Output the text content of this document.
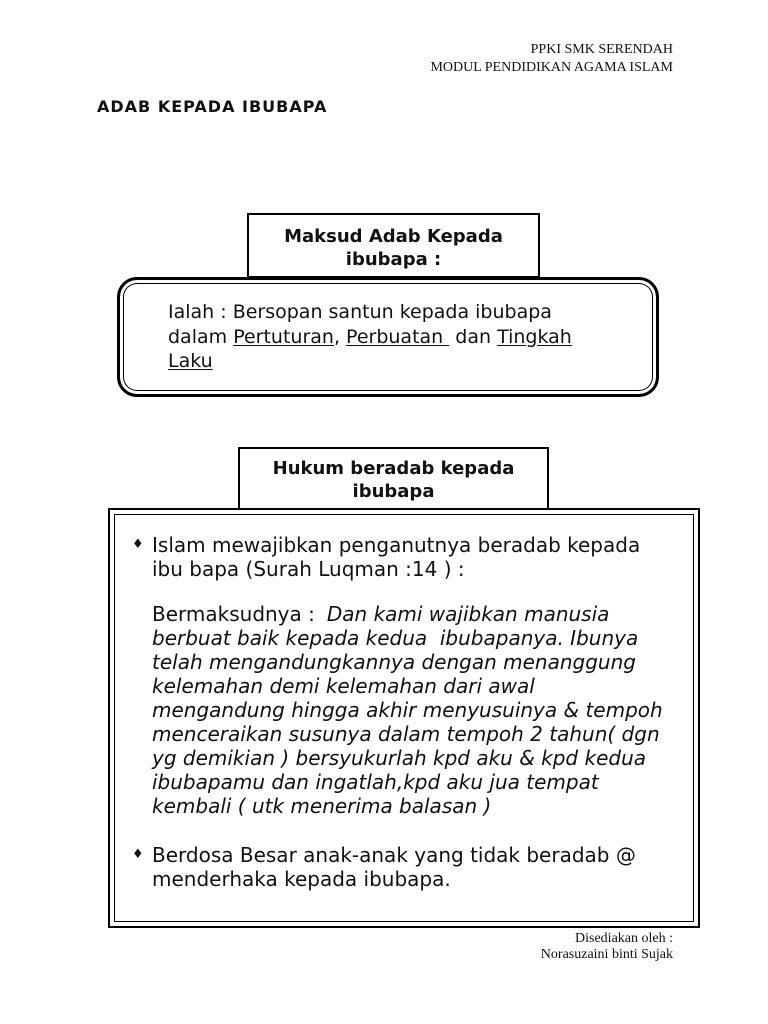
PPKI SMK SERENDAH
MODUL PENDIDIKAN AGAMA ISLAM
ADAB KEPADA IBUBAPA
Maksud Adab Kepada
ibubapa :
Ialah : Bersopan santun kepada ibubapa
dalam Pertuturan, Perbuatan  dan Tingkah
Laku
Hukum beradab kepada
ibubapa
♦ Islam mewajibkan penganutnya beradab kepada
ibu bapa (Surah Luqman :14 ) :
Bermaksudnya : Dan kami wajibkan manusia
berbuat baik kepada kedua  ibubapanya. Ibunya
telah mengandungkannya dengan menanggung
kelemahan demi kelemahan dari awal
mengandung hingga akhir menyusuinya & tempoh
menceraikan susunya dalam tempoh 2 tahun( dgn
yg demikian ) bersyukurlah kpd aku & kpd kedua
ibubapamu dan ingatlah,kpd aku jua tempat
kembali ( utk menerima balasan )
♦ Berdosa Besar anak-anak yang tidak beradab @
menderhaka kepada ibubapa.
Disediakan oleh :
Norasuzaini binti Sujak
